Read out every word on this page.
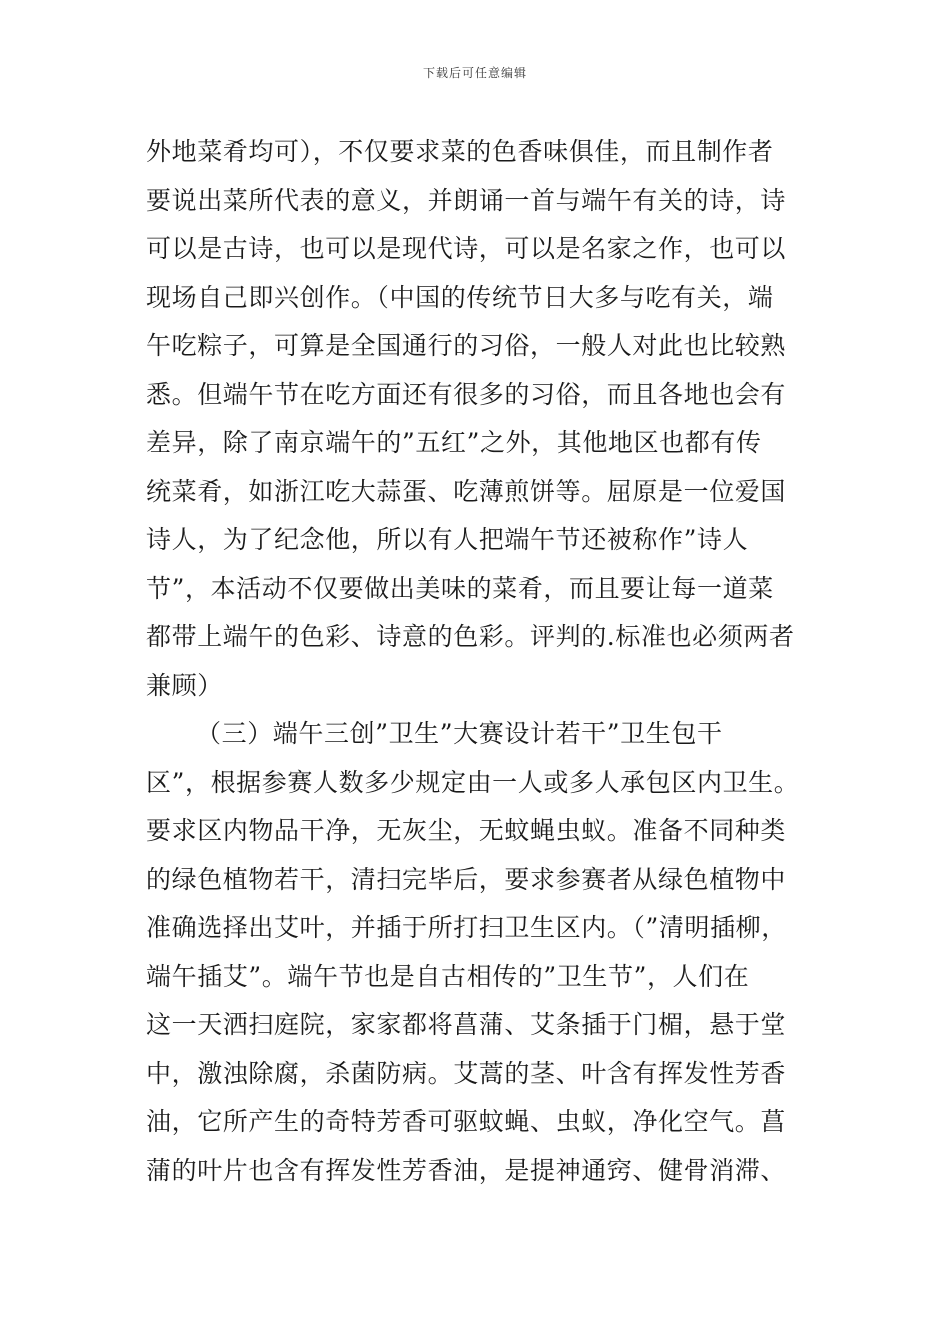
下载后可任意编辑
外地菜肴均可），不仅要求菜的色香味俱佳，而且制作者
要说出菜所代表的意义，并朗诵一首与端午有关的诗，诗
可以是古诗，也可以是现代诗，可以是名家之作，也可以
现场自己即兴创作。（中国的传统节日大多与吃有关，端
午吃粽子，可算是全国通行的习俗，一般人对此也比较熟
悉。但端午节在吃方面还有很多的习俗，而且各地也会有
差异，除了南京端午的”五红”之外，其他地区也都有传
统菜肴，如浙江吃大蒜蛋、吃薄煎饼等。屈原是一位爱国
诗人，为了纪念他，所以有人把端午节还被称作”诗人
节”，本活动不仅要做出美味的菜肴，而且要让每一道菜
都带上端午的色彩、诗意的色彩。评判的.标准也必须两者
兼顾）
（三）端午三创”卫生”大赛设计若干”卫生包干
区”，根据参赛人数多少规定由一人或多人承包区内卫生。
要求区内物品干净，无灰尘，无蚊蝇虫蚁。准备不同种类
的绿色植物若干，清扫完毕后，要求参赛者从绿色植物中
准确选择出艾叶，并插于所打扫卫生区内。（”清明插柳，
端午插艾”。端午节也是自古相传的”卫生节”，人们在
这一天洒扫庭院，家家都将菖蒲、艾条插于门楣，悬于堂
中，激浊除腐，杀菌防病。艾蒿的茎、叶含有挥发性芳香
油，它所产生的奇特芳香可驱蚊蝇、虫蚁，净化空气。菖
蒲的叶片也含有挥发性芳香油，是提神通窍、健骨消滞、
